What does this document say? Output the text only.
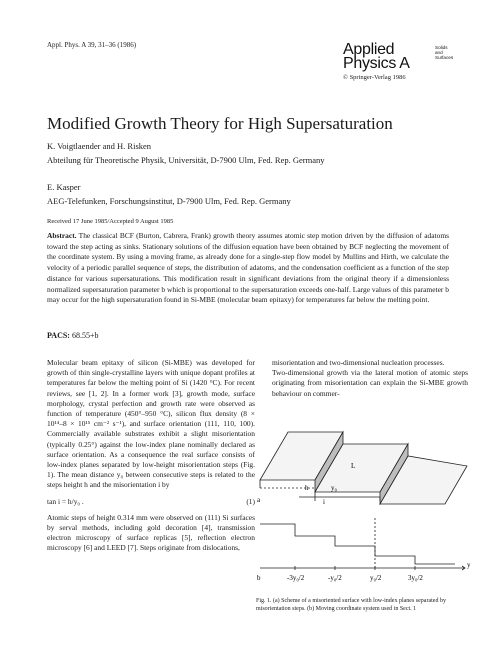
Appl. Phys. A 39, 31–36 (1986)	Applied
Physics A
Solids
and
Surfaces
© Springer-Verlag 1986
Modified Growth Theory for High Supersaturation
K. Voigtlaender and H. Risken
Abteilung für Theoretische Physik, Universität, D-7900 Ulm, Fed. Rep. Germany
E. Kasper
AEG-Telefunken, Forschungsinstitut, D-7900 Ulm, Fed. Rep. Germany
Received 17 June 1985/Accepted 9 August 1985
Abstract. The classical BCF (Burton, Cabrera, Frank) growth theory assumes atomic step motion driven by the diffusion of adatoms toward the step acting as sinks. Stationary solutions of the diffusion equation have been obtained by BCF neglecting the movement of the coordinate system. By using a moving frame, as already done for a single-step flow model by Mullins and Hirth, we calculate the velocity of a periodic parallel sequence of steps, the distribution of adatoms, and the condensation coefficient as a function of the step distance for various supersaturations. This modification result in significant deviations from the original theory if a dimensionless normalized supersaturation parameter b which is proportional to the supersaturation exceeds one-half. Large values of this parameter b may occur for the high supersaturation found in Si-MBE (molecular beam epitaxy) for temperatures far below the melting point.
PACS: 68.55+b

Molecular beam epitaxy of silicon (Si-MBE) was developed for growth of thin single-crystalline layers with unique dopant profiles at temperatures far below the melting point of Si (1420 °C). For recent reviews, see [1, 2]. In a former work [3], growth mode, surface morphology, crystal perfection and growth rate were observed as function of temperature (450°–950 °C), silicon flux density (8 × 10¹⁴–8 × 10¹⁵ cm⁻² s⁻¹), and surface orientation (111, 110, 100). Commercially available substrates exhibit a slight misorientation (typically 0.25°) against the low-index plane nominally declared as surface orientation. As a consequence the real surface consists of low-index planes separated by low-height misorientation steps (Fig. 1). The mean distance y₀ between consecutive steps is related to the steps height h and the misorientation i by

tan i = h/y₀ .	(1)

Atomic steps of height 0.314 mm were observed on (111) Si surfaces by serval methods, including gold decoration [4], transmission electron microscopy of surface replicas [5], reflection electron microscopy [6] and LEED [7]. Steps originate from dislocations,

misorientation and two-dimensional nucleation processes.

Two-dimensional growth via the lateral motion of atomic steps originating from misorientation can explain the Si-MBE growth behaviour on commer-

a
L
h	y₀
i
b
y
-3y₀/2	-y₀/2	y₀/2	3y₀/2
Fig. 1. (a) Scheme of a misoriented surface with low-index planes separated by misorientation steps. (b) Moving coordinate system used in Sect. 1
